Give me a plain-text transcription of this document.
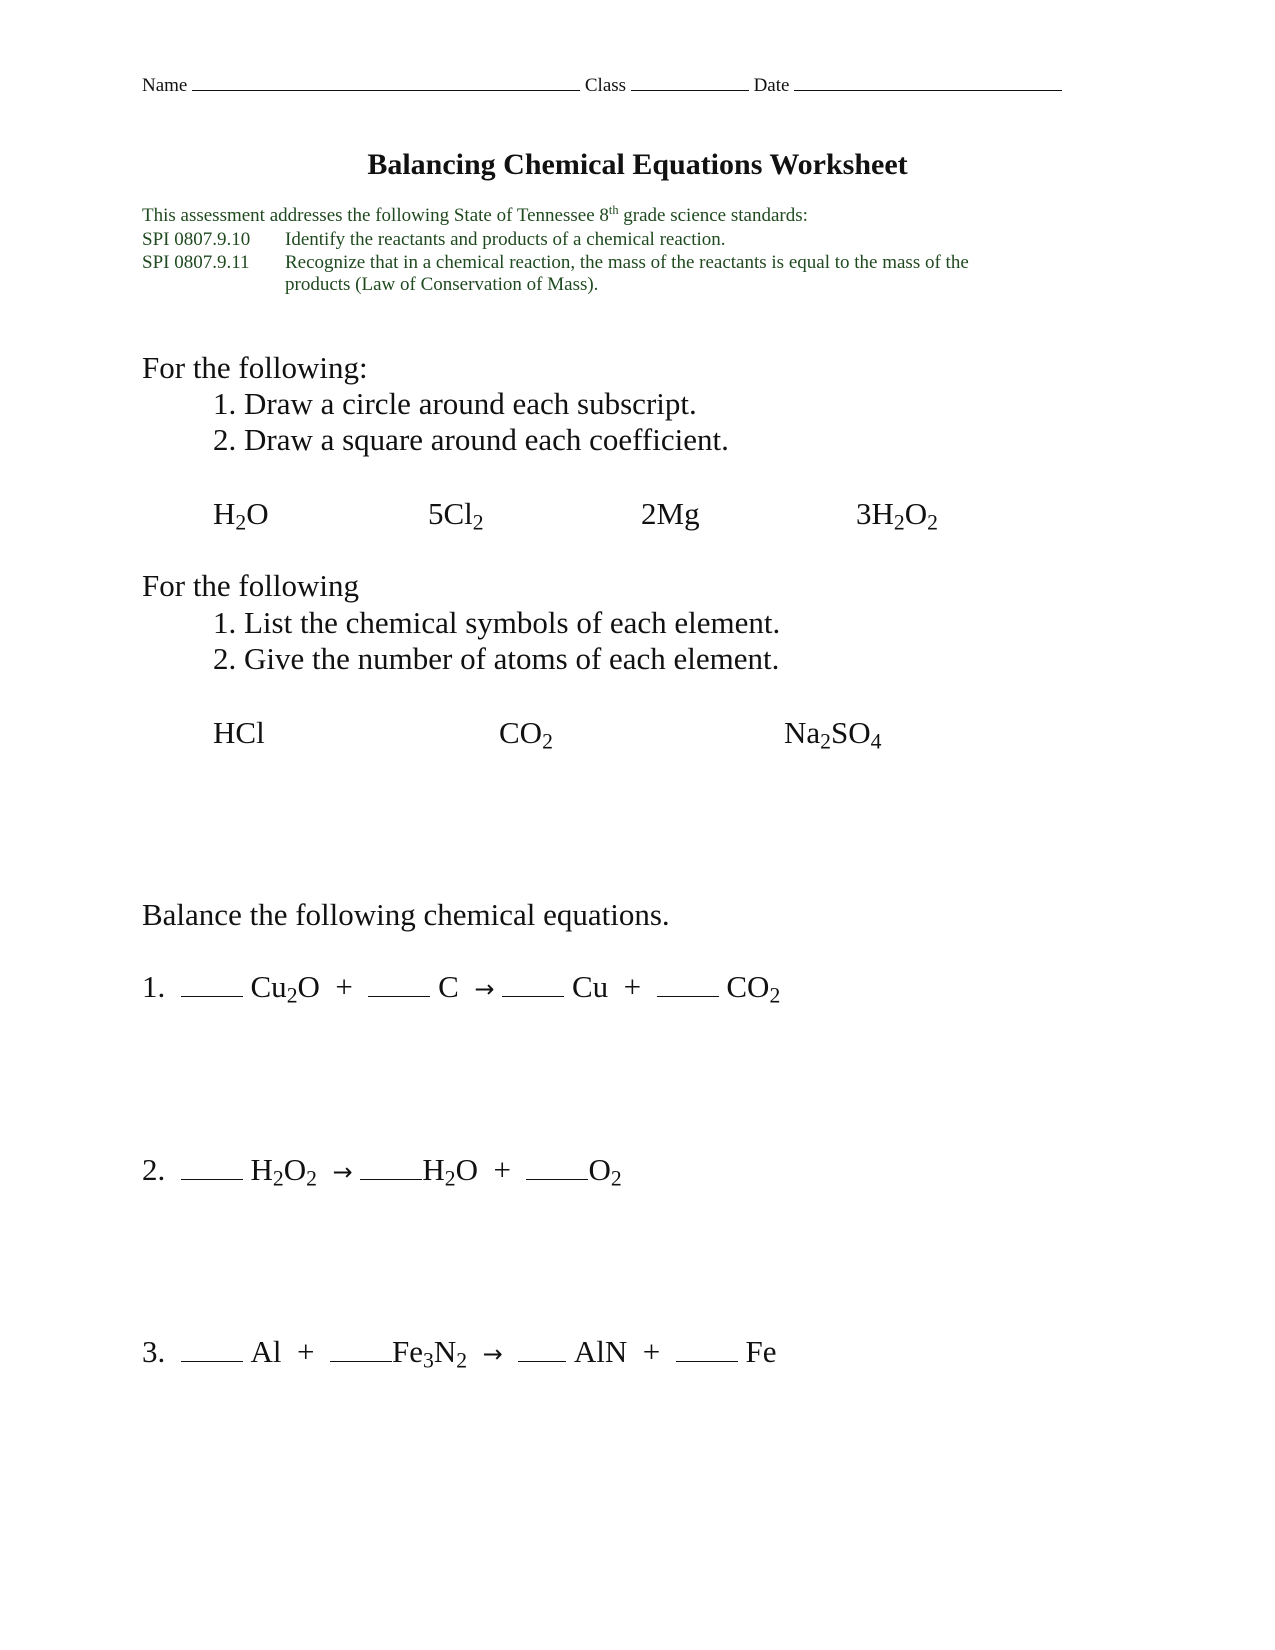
Name	Class	Date
Balancing Chemical Equations Worksheet
This assessment addresses the following State of Tennessee 8th grade science standards:
SPI 0807.9.10 Identify the reactants and products of a chemical reaction.
SPI 0807.9.11 Recognize that in a chemical reaction, the mass of the reactants is equal to the mass of the
products (Law of Conservation of Mass).
For the following:
1. Draw a circle around each subscript.
2. Draw a square around each coefficient.
$H_2O$	$5Cl_2$	2Mg	$3H_2O_2$
For the following
1. List the chemical symbols of each element.
2. Give the number of atoms of each element.
HCl	$CO_2$	$Na_2SO_4$
Balance the following chemical equations.
1.	$Cu_2O + C \to Cu + CO_2$
2.	$H_2O_2 \to H_2O + O_2$
3.	$Al + Fe_3N_2$ →   AlN  +   Fe
